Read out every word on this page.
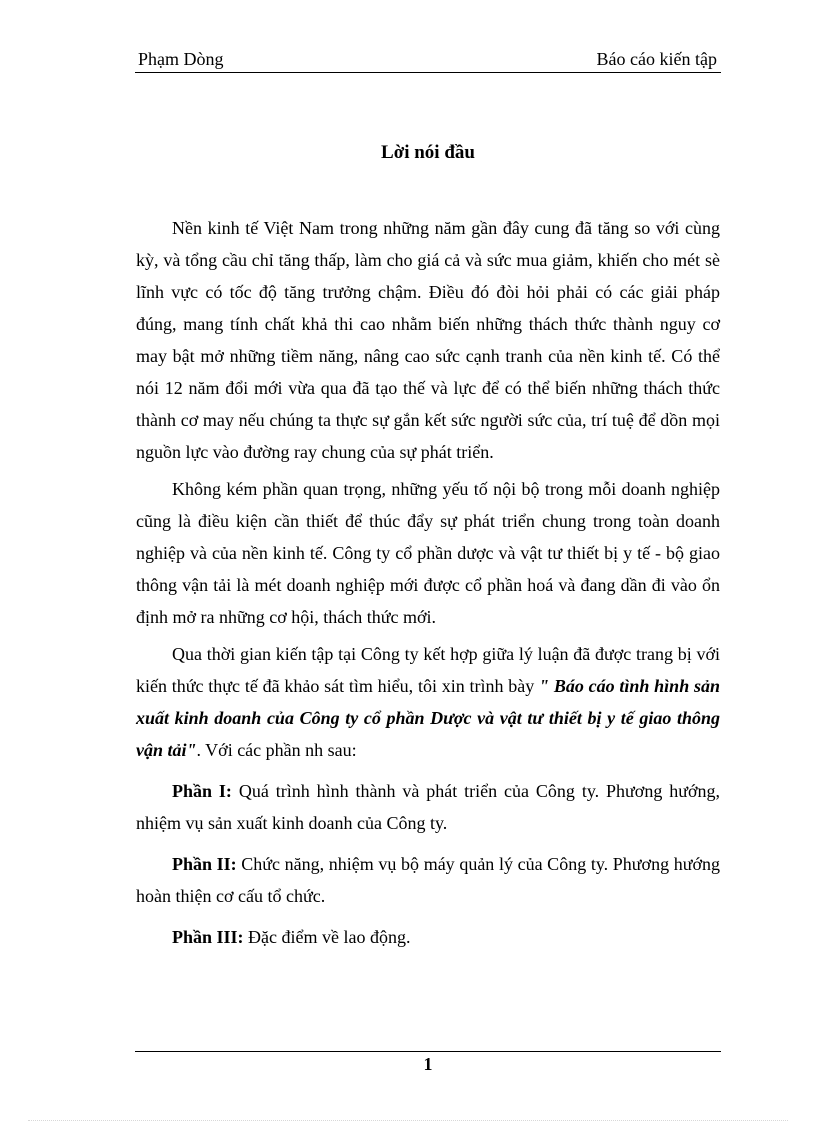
Phạm Dòng	Báo cáo kiến tập
Lời nói đầu

Nền kinh tế Việt Nam trong những năm gần đây cung đã tăng so với cùng kỳ, và tổng cầu chỉ tăng thấp, làm cho giá cả và sức mua giảm, khiến cho mét sè lĩnh vực có tốc độ tăng trưởng chậm. Điều đó đòi hỏi phải có các giải pháp đúng, mang tính chất khả thi cao nhằm biến những thách thức thành nguy cơ may bật mở những tiềm năng, nâng cao sức cạnh tranh của nền kinh tế. Có thể nói 12 năm đổi mới vừa qua đã tạo thế và lực để có thể biến những thách thức thành cơ may nếu chúng ta thực sự gắn kết sức người sức của, trí tuệ để dồn mọi nguồn lực vào đường ray chung của sự phát triển.

Không kém phần quan trọng, những yếu tố nội bộ trong mỗi doanh nghiệp cũng là điều kiện cần thiết để thúc đẩy sự phát triển chung trong toàn doanh nghiệp và của nền kinh tế. Công ty cổ phần dược và vật tư thiết bị y tế - bộ giao thông vận tải là mét doanh nghiệp mới được cổ phần hoá và đang dần đi vào ổn định mở ra những cơ hội, thách thức mới.

Qua thời gian kiến tập tại Công ty kết hợp giữa lý luận đã được trang bị với kiến thức thực tế đã khảo sát tìm hiểu, tôi xin trình bày " Báo cáo tình hình sản xuất kinh doanh của Công ty cổ phần Dược và vật tư thiết bị y tế giao thông vận tải". Với các phần nh sau:

Phần I: Quá trình hình thành và phát triển của Công ty. Phương hướng, nhiệm vụ sản xuất kinh doanh của Công ty.

Phần II: Chức năng, nhiệm vụ bộ máy quản lý của Công ty. Phương hướng hoàn thiện cơ cấu tổ chức.

Phần III: Đặc điểm về lao động.

1
